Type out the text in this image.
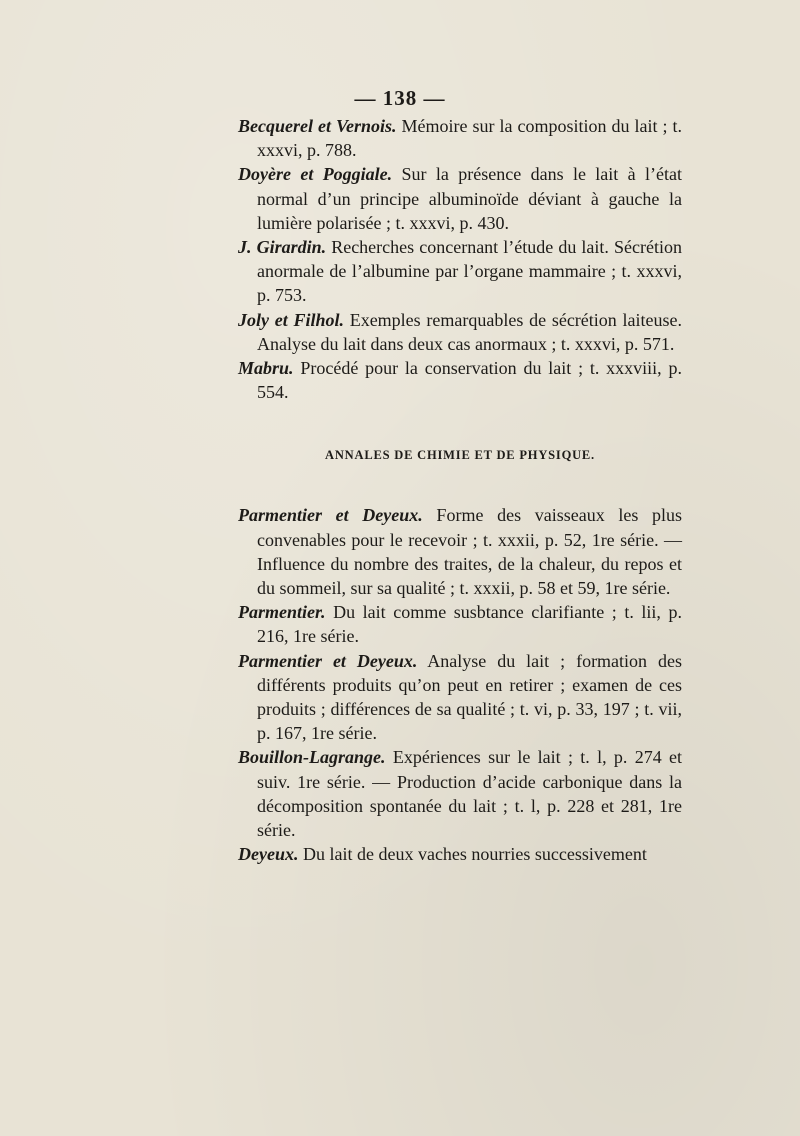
— 138 —

Becquerel et Vernois. Mémoire sur la composition du lait ; t. xxxvi, p. 788.

Doyère et Poggiale. Sur la présence dans le lait à l’état normal d’un principe albuminoïde déviant à gauche la lumière polarisée ; t. xxxvi, p. 430.

J. Girardin. Recherches concernant l’étude du lait. Sécrétion anormale de l’albumine par l’organe mammaire ; t. xxxvi, p. 753.

Joly et Filhol. Exemples remarquables de sécrétion laiteuse. Analyse du lait dans deux cas anormaux ; t. xxxvi, p. 571.

Mabru. Procédé pour la conservation du lait ; t. xxxviii, p. 554.

ANNALES DE CHIMIE ET DE PHYSIQUE.

Parmentier et Deyeux. Forme des vaisseaux les plus convenables pour le recevoir ; t. xxxii, p. 52, 1re série. — Influence du nombre des traites, de la chaleur, du repos et du sommeil, sur sa qualité ; t. xxxii, p. 58 et 59, 1re série.

Parmentier. Du lait comme susbtance clarifiante ; t. lii, p. 216, 1re série.

Parmentier et Deyeux. Analyse du lait ; formation des différents produits qu’on peut en retirer ; examen de ces produits ; différences de sa qualité ; t. vi, p. 33, 197 ; t. vii, p. 167, 1re série.

Bouillon-Lagrange. Expériences sur le lait ; t. l, p. 274 et suiv. 1re série. — Production d’acide carbonique dans la décomposition spontanée du lait ; t. l, p. 228 et 281, 1re série.

Deyeux. Du lait de deux vaches nourries successivement
